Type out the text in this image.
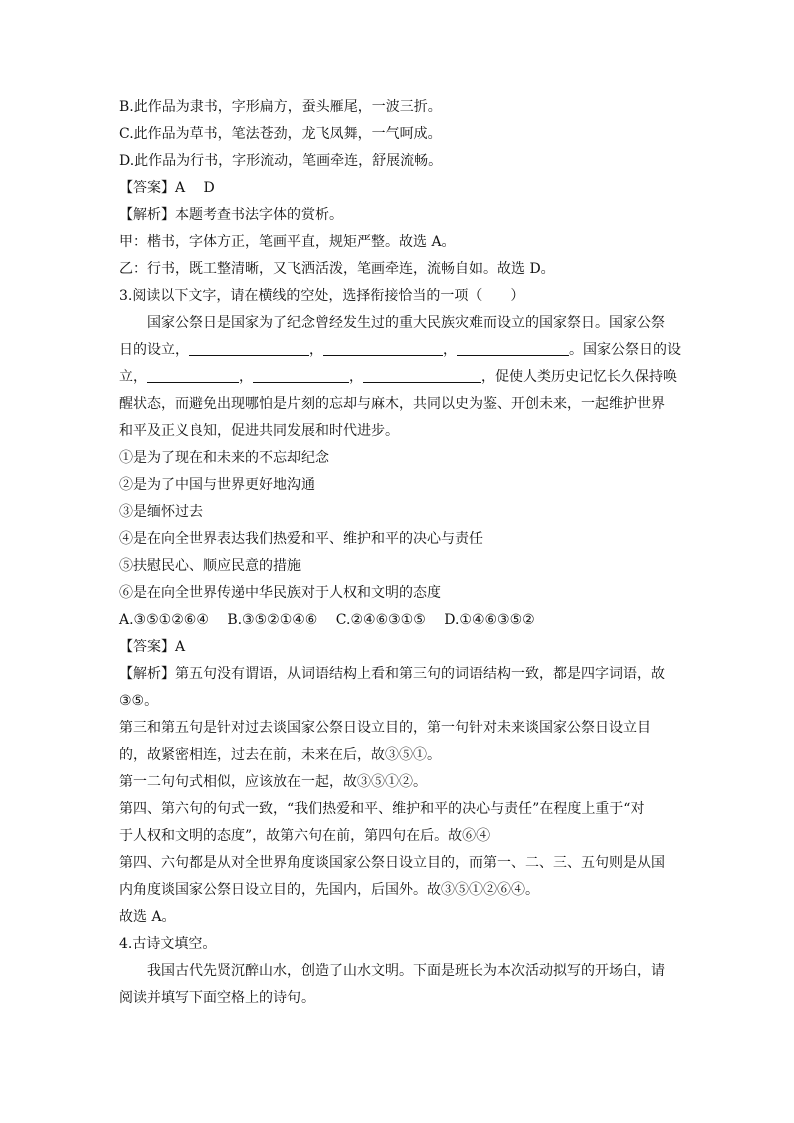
B.此作品为隶书，字形扁方，蚕头雁尾，一波三折。
C.此作品为草书，笔法苍劲，龙飞凤舞，一气呵成。
D.此作品为行书，字形流动，笔画牵连，舒展流畅。
【答案】A　 D
【解析】本题考查书法字体的赏析。
甲：楷书，字体方正，笔画平直，规矩严整。故选 A。
乙：行书，既工整清晰，又飞洒活泼，笔画牵连，流畅自如。故选 D。
3.阅读以下文字，请在横线的空处，选择衔接恰当的一项（　　）
国家公祭日是国家为了纪念曾经发生过的重大民族灾难而设立的国家祭日。国家公祭
日的设立，	，	，	。国家公祭日的设
立，	，	，	，促使人类历史记忆长久保持唤
醒状态，而避免出现哪怕是片刻的忘却与麻木，共同以史为鉴、开创未来，一起维护世界
和平及正义良知，促进共同发展和时代进步。
①是为了现在和未来的不忘却纪念
②是为了中国与世界更好地沟通
③是缅怀过去
④是在向全世界表达我们热爱和平、维护和平的决心与责任
⑤扶慰民心、顺应民意的措施
⑥是在向全世界传递中华民族对于人权和文明的态度
A.③⑤①②⑥④　 B.③⑤②①④⑥　 C.②④⑥③①⑤　 D.①④⑥③⑤②
【答案】A
【解析】第五句没有谓语，从词语结构上看和第三句的词语结构一致，都是四字词语，故
③⑤。
第三和第五句是针对过去谈国家公祭日设立目的，第一句针对未来谈国家公祭日设立目
的，故紧密相连，过去在前，未来在后，故③⑤①。
第一二句句式相似，应该放在一起，故③⑤①②。
第四、第六句的句式一致，“我们热爱和平、维护和平的决心与责任”在程度上重于“对
于人权和文明的态度”，故第六句在前，第四句在后。故⑥④
第四、六句都是从对全世界角度谈国家公祭日设立目的，而第一、二、三、五句则是从国
内角度谈国家公祭日设立目的，先国内，后国外。故③⑤①②⑥④。
故选 A。
4.古诗文填空。
我国古代先贤沉醉山水，创造了山水文明。下面是班长为本次活动拟写的开场白，请
阅读并填写下面空格上的诗句。
